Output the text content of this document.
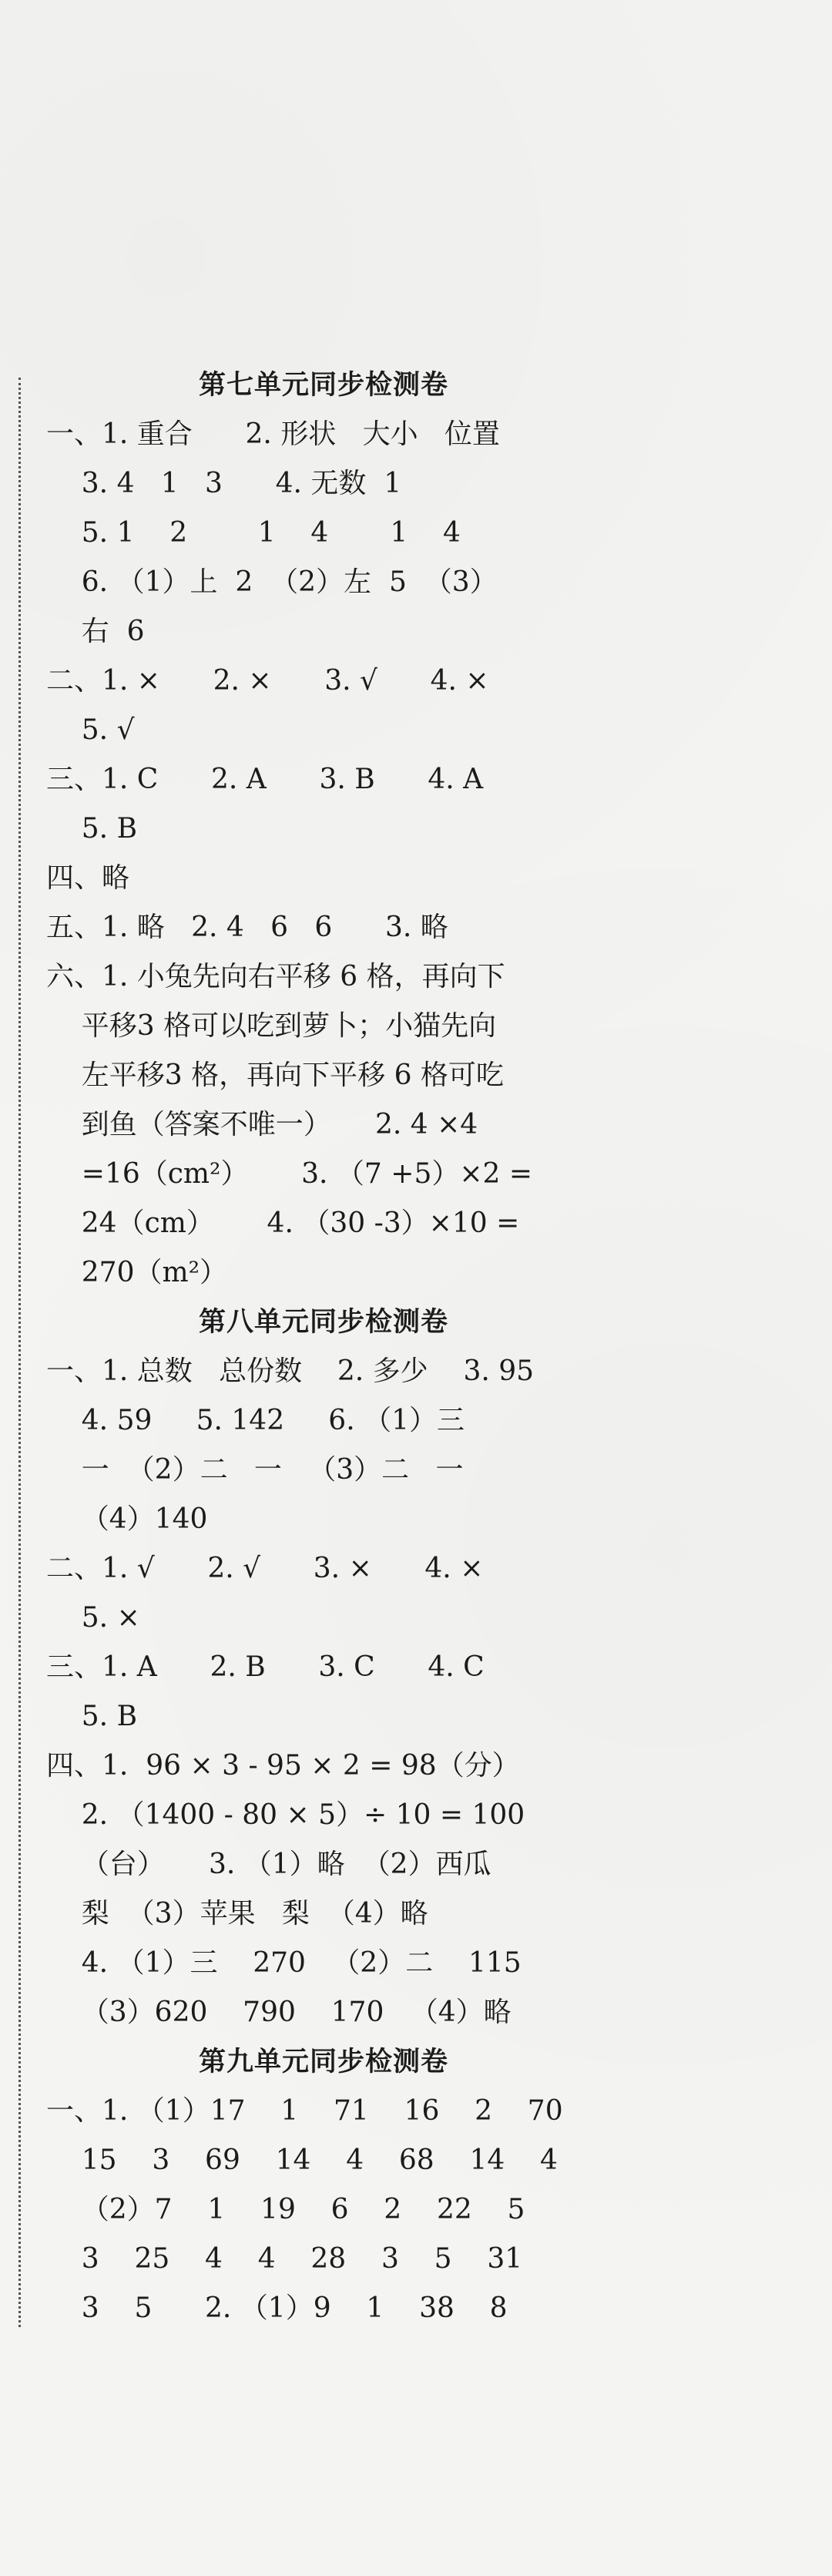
第七单元同步检测卷
一、1. 重合      2. 形状   大小   位置
3. 4   1   3      4. 无数  1
5. 1    2        1    4       1    4
6. （1）上  2  （2）左  5  （3）
右  6
二、1. ×      2. ×      3. √      4. ×
5. √
三、1. C      2. A      3. B      4. A
5. B
四、略
五、1. 略   2. 4   6   6      3. 略
六、1. 小兔先向右平移 6 格，再向下
平移3 格可以吃到萝卜；小猫先向
左平移3 格，再向下平移 6 格可吃
到鱼（答案不唯一）     2. 4 ×4
=16（cm²）      3. （7 +5）×2 =
24（cm）      4. （30 -3）×10 =
270（m²）
第八单元同步检测卷
一、1. 总数   总份数    2. 多少    3. 95
4. 59     5. 142     6. （1）三
一  （2）二   一   （3）二   一
（4）140
二、1. √      2. √      3. ×      4. ×
5. ×
三、1. A      2. B      3. C      4. C
5. B
四、1.  96 × 3 - 95 × 2 = 98（分）
2. （1400 - 80 × 5）÷ 10 = 100
（台）     3. （1）略  （2）西瓜
梨  （3）苹果   梨  （4）略
4. （1）三    270   （2）二    115
（3）620    790    170   （4）略
第九单元同步检测卷
一、1. （1）17    1    71    16    2    70
15    3    69    14    4    68    14    4
（2）7    1    19    6    2    22    5
3    25    4    4    28    3    5    31
3    5      2. （1）9    1    38    8
